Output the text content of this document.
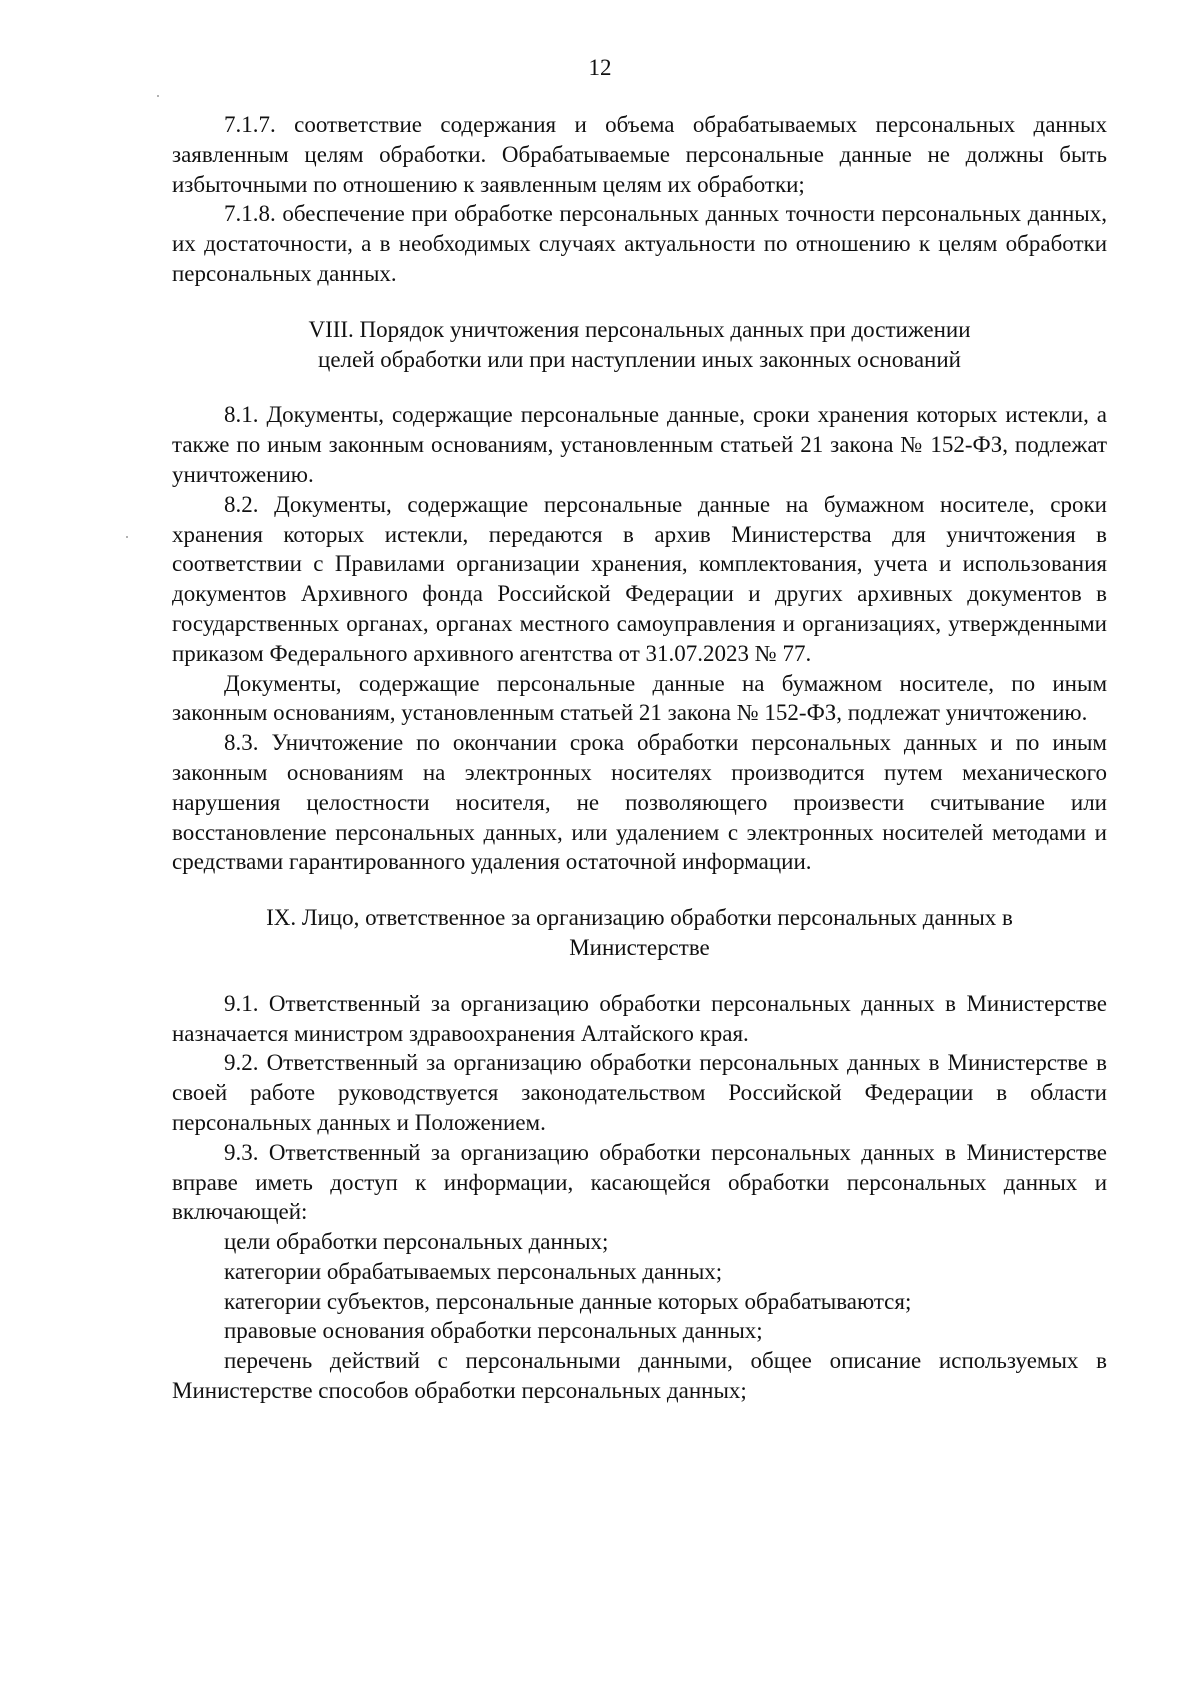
12

7.1.7. соответствие содержания и объема обрабатываемых персональных данных заявленным целям обработки. Обрабатываемые персональные данные не должны быть избыточными по отношению к заявленным целям их обработки;

7.1.8. обеспечение при обработке персональных данных точности персональных данных, их достаточности, а в необходимых случаях актуальности по отношению к целям обработки персональных данных.

VIII. Порядок уничтожения персональных данных при достижении

целей обработки или при наступлении иных законных оснований

8.1. Документы, содержащие персональные данные, сроки хранения которых истекли, а также по иным законным основаниям, установленным статьей 21 закона № 152-ФЗ, подлежат уничтожению.

8.2. Документы, содержащие персональные данные на бумажном носителе, сроки хранения которых истекли, передаются в архив Министерства для уничтожения в соответствии с Правилами организации хранения, комплектования, учета и использования документов Архивного фонда Российской Федерации и других архивных документов в государственных органах, органах местного самоуправления и организациях, утвержденными приказом Федерального архивного агентства от 31.07.2023 № 77.

Документы, содержащие персональные данные на бумажном носителе, по иным законным основаниям, установленным статьей 21 закона № 152-ФЗ, подлежат уничтожению.

8.3. Уничтожение по окончании срока обработки персональных данных и по иным законным основаниям на электронных носителях производится путем механического нарушения целостности носителя, не позволяющего произвести считывание или восстановление персональных данных, или удалением с электронных носителей методами и средствами гарантированного удаления остаточной информации.

IX. Лицо, ответственное за организацию обработки персональных данных в

Министерстве

9.1. Ответственный за организацию обработки персональных данных в Министерстве назначается министром здравоохранения Алтайского края.

9.2. Ответственный за организацию обработки персональных данных в Министерстве в своей работе руководствуется законодательством Российской Федерации в области персональных данных и Положением.

9.3. Ответственный за организацию обработки персональных данных в Министерстве вправе иметь доступ к информации, касающейся обработки персональных данных и включающей:

цели обработки персональных данных;

категории обрабатываемых персональных данных;

категории субъектов, персональные данные которых обрабатываются;

правовые основания обработки персональных данных;

перечень действий с персональными данными, общее описание используемых в Министерстве способов обработки персональных данных;
